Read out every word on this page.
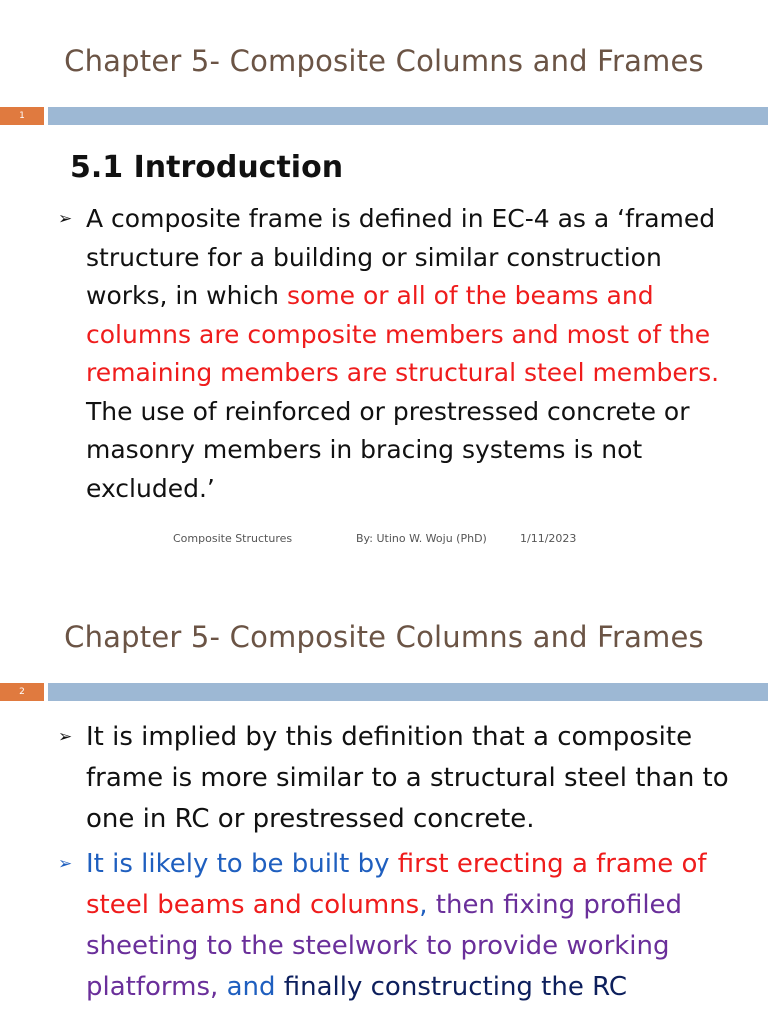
Chapter 5- Composite Columns and Frames
1
5.1 Introduction

➢ A composite frame is defined in EC-4 as a ‘framed structure for a building or similar construction works, in which some or all of the beams and columns are composite members and most of the remaining members are structural steel members. The use of reinforced or prestressed concrete or masonry members in bracing systems is not excluded.’

Composite Structures	By: Utino W. Woju (PhD)	1/11/2023
Chapter 5- Composite Columns and Frames
2

➢ It is implied by this definition that a composite frame is more similar to a structural steel than to one in RC or prestressed concrete.

➢ It is likely to be built by first erecting a frame of steel beams and columns, then fixing profiled sheeting to the steelwork to provide working platforms, and finally constructing the RC
